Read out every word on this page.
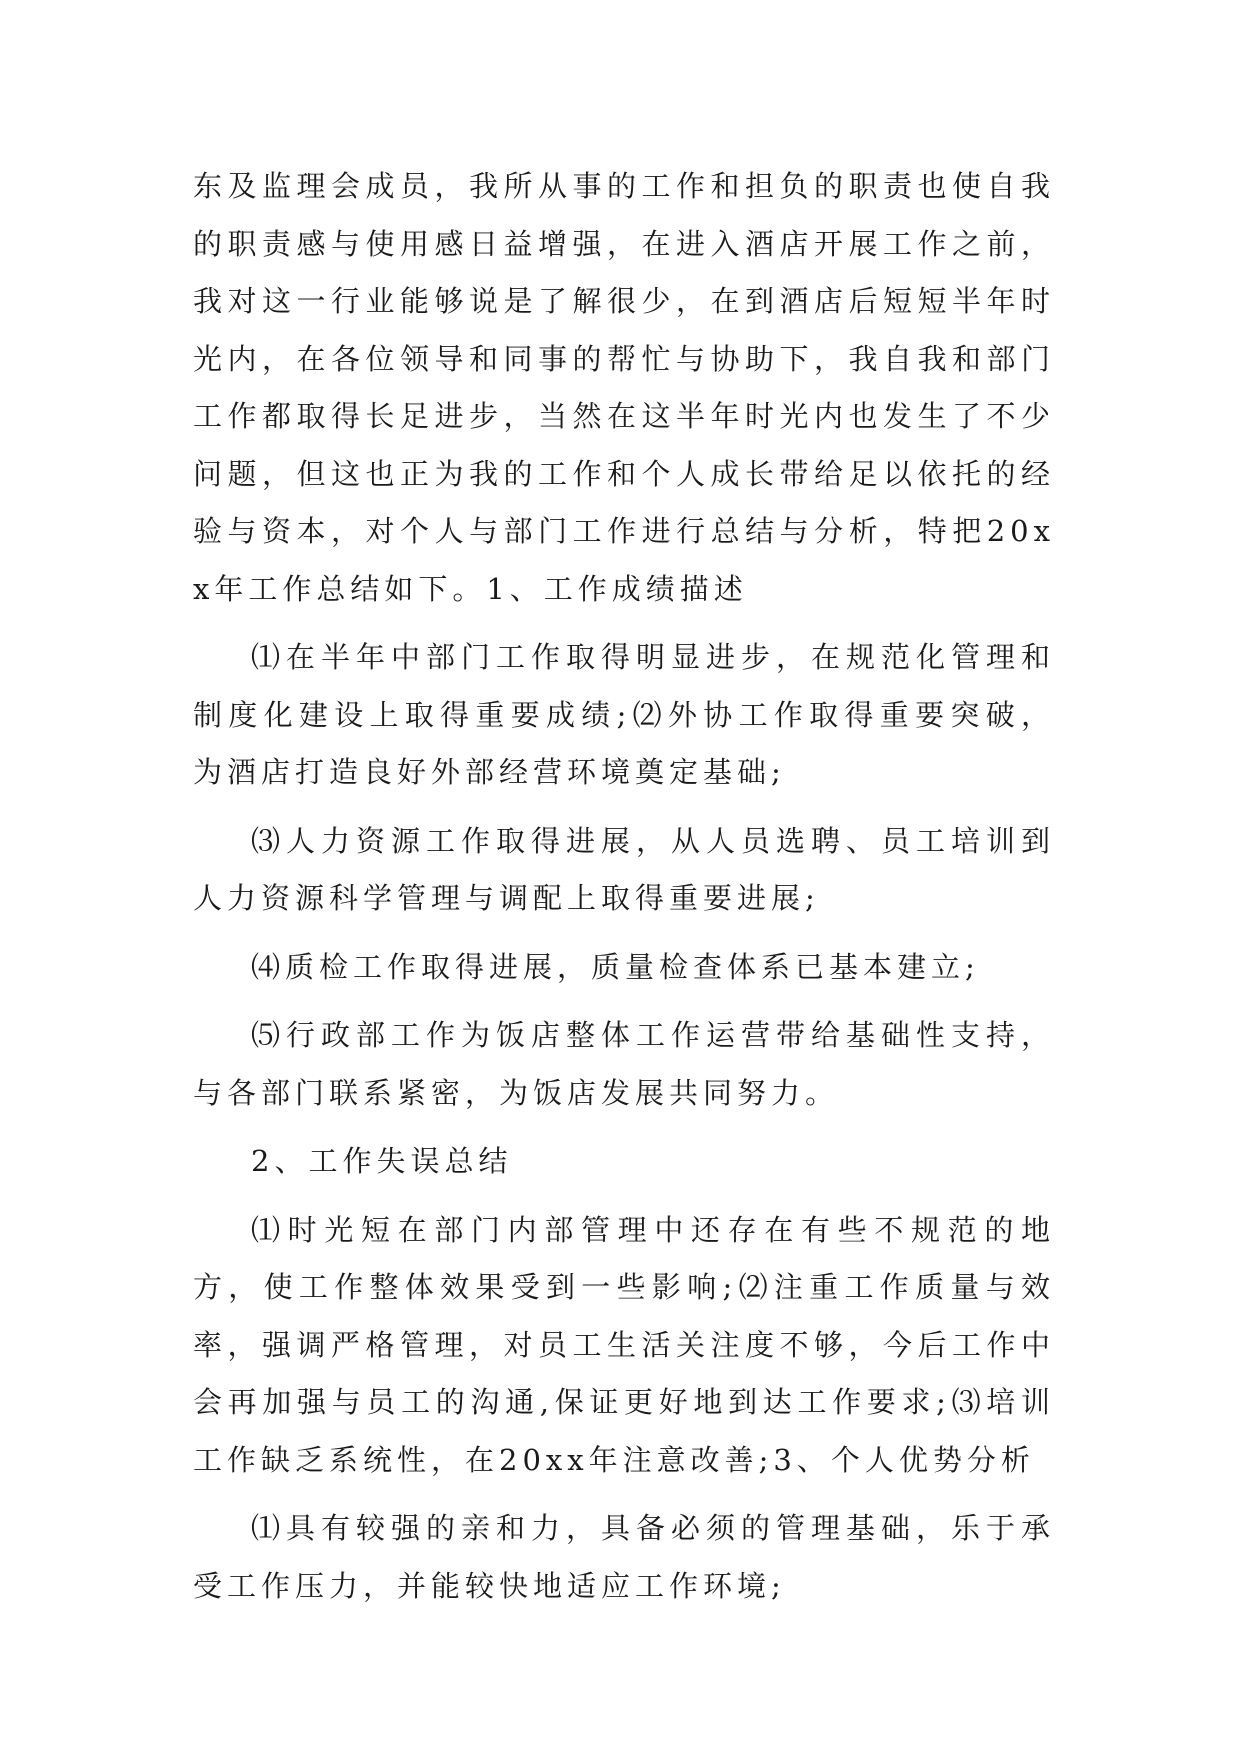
东及监理会成员，我所从事的工作和担负的职责也使自我的职责感与使用感日益增强，在进入酒店开展工作之前，我对这一行业能够说是了解很少，在到酒店后短短半年时光内，在各位领导和同事的帮忙与协助下，我自我和部门工作都取得长足进步，当然在这半年时光内也发生了不少问题，但这也正为我的工作和个人成长带给足以依托的经验与资本，对个人与部门工作进行总结与分析，特把20xx年工作总结如下。1、工作成绩描述

⑴在半年中部门工作取得明显进步，在规范化管理和制度化建设上取得重要成绩;⑵外协工作取得重要突破，为酒店打造良好外部经营环境奠定基础;

⑶人力资源工作取得进展，从人员选聘、员工培训到人力资源科学管理与调配上取得重要进展;

⑷质检工作取得进展，质量检查体系已基本建立;

⑸行政部工作为饭店整体工作运营带给基础性支持，与各部门联系紧密，为饭店发展共同努力。

2、工作失误总结

⑴时光短在部门内部管理中还存在有些不规范的地方，使工作整体效果受到一些影响;⑵注重工作质量与效率，强调严格管理，对员工生活关注度不够，今后工作中会再加强与员工的沟通,保证更好地到达工作要求;⑶培训工作缺乏系统性，在20xx年注意改善;3、个人优势分析

⑴具有较强的亲和力，具备必须的管理基础，乐于承受工作压力，并能较快地适应工作环境;
